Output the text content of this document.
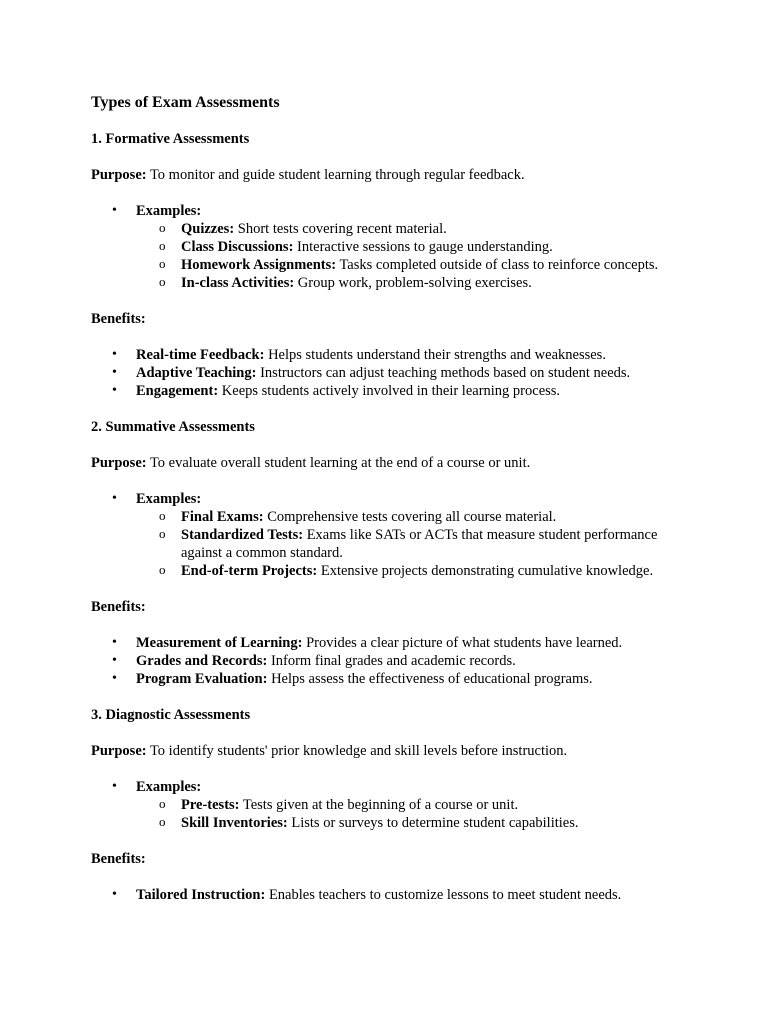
Types of Exam Assessments
1. Formative Assessments

Purpose: To monitor and guide student learning through regular feedback.

• Examples:
o Quizzes: Short tests covering recent material.
o Class Discussions: Interactive sessions to gauge understanding.
o Homework Assignments: Tasks completed outside of class to reinforce concepts.
o In-class Activities: Group work, problem-solving exercises.

Benefits:

• Real-time Feedback: Helps students understand their strengths and weaknesses.
• Adaptive Teaching: Instructors can adjust teaching methods based on student needs.
• Engagement: Keeps students actively involved in their learning process.
2. Summative Assessments

Purpose: To evaluate overall student learning at the end of a course or unit.

• Examples:
o Final Exams: Comprehensive tests covering all course material.
o Standardized Tests: Exams like SATs or ACTs that measure student performance against a common standard.
o End-of-term Projects: Extensive projects demonstrating cumulative knowledge.

Benefits:

• Measurement of Learning: Provides a clear picture of what students have learned.
• Grades and Records: Inform final grades and academic records.
• Program Evaluation: Helps assess the effectiveness of educational programs.
3. Diagnostic Assessments

Purpose: To identify students' prior knowledge and skill levels before instruction.

• Examples:
o Pre-tests: Tests given at the beginning of a course or unit.
o Skill Inventories: Lists or surveys to determine student capabilities.

Benefits:

• Tailored Instruction: Enables teachers to customize lessons to meet student needs.
